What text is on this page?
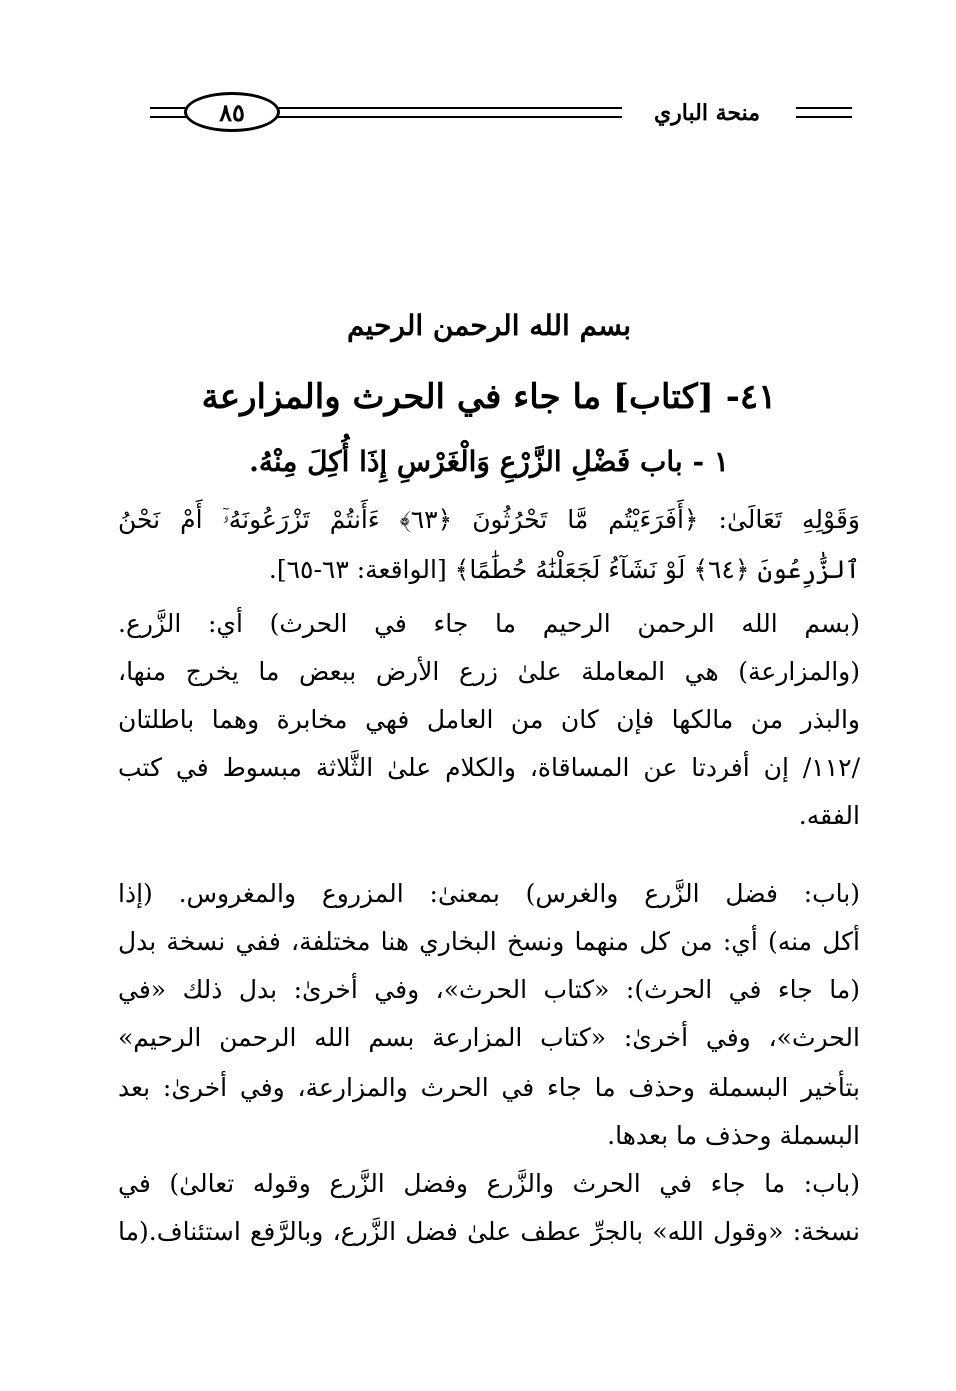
٨٥	منحة الباري
بسم الله الرحمن الرحيم
٤١- [كتاب] ما جاء في الحرث والمزارعة
١ - باب فَضْلِ الزَّرْعِ وَالْغَرْسِ إِذَا أُكِلَ مِنْهُ.
وَقَوْلِهِ تَعَالَىٰ: ﴿أَفَرَءَيْتُم مَّا تَحْرُثُونَ ﴿٦٣﴾ ءَأَنتُمْ تَزْرَعُونَهُۥٓ أَمْ نَحْنُ
ٱلزَّٰرِعُونَ ﴿٦٤﴾ لَوْ نَشَآءُ لَجَعَلْنَٰهُ حُطَٰمًا﴾ [الواقعة: ٦٣-٦٥].
(بسم الله الرحمن الرحيم ما جاء في الحرث) أي: الزَّرع.
(والمزارعة) هي المعاملة علىٰ زرع الأرض ببعض ما يخرج منها،
والبذر من مالكها فإن كان من العامل فهي مخابرة وهما باطلتان
/١١٢/ إن أفردتا عن المساقاة، والكلام علىٰ الثَّلاثة مبسوط في كتب
الفقه.
(باب: فضل الزَّرع والغرس) بمعنىٰ: المزروع والمغروس. (إذا
أكل منه) أي: من كل منهما ونسخ البخاري هنا مختلفة، ففي نسخة بدل
(ما جاء في الحرث): «كتاب الحرث»، وفي أخرىٰ: بدل ذلك «في
الحرث»، وفي أخرىٰ: «كتاب المزارعة بسم الله الرحمن الرحيم»
بتأخير البسملة وحذف ما جاء في الحرث والمزارعة، وفي أخرىٰ: بعد
البسملة وحذف ما بعدها.
(باب: ما جاء في الحرث والزَّرع وفضل الزَّرع وقوله تعالىٰ) في
نسخة: «وقول الله» بالجرِّ عطف علىٰ فضل الزَّرع، وبالرَّفع استئناف.(ما
